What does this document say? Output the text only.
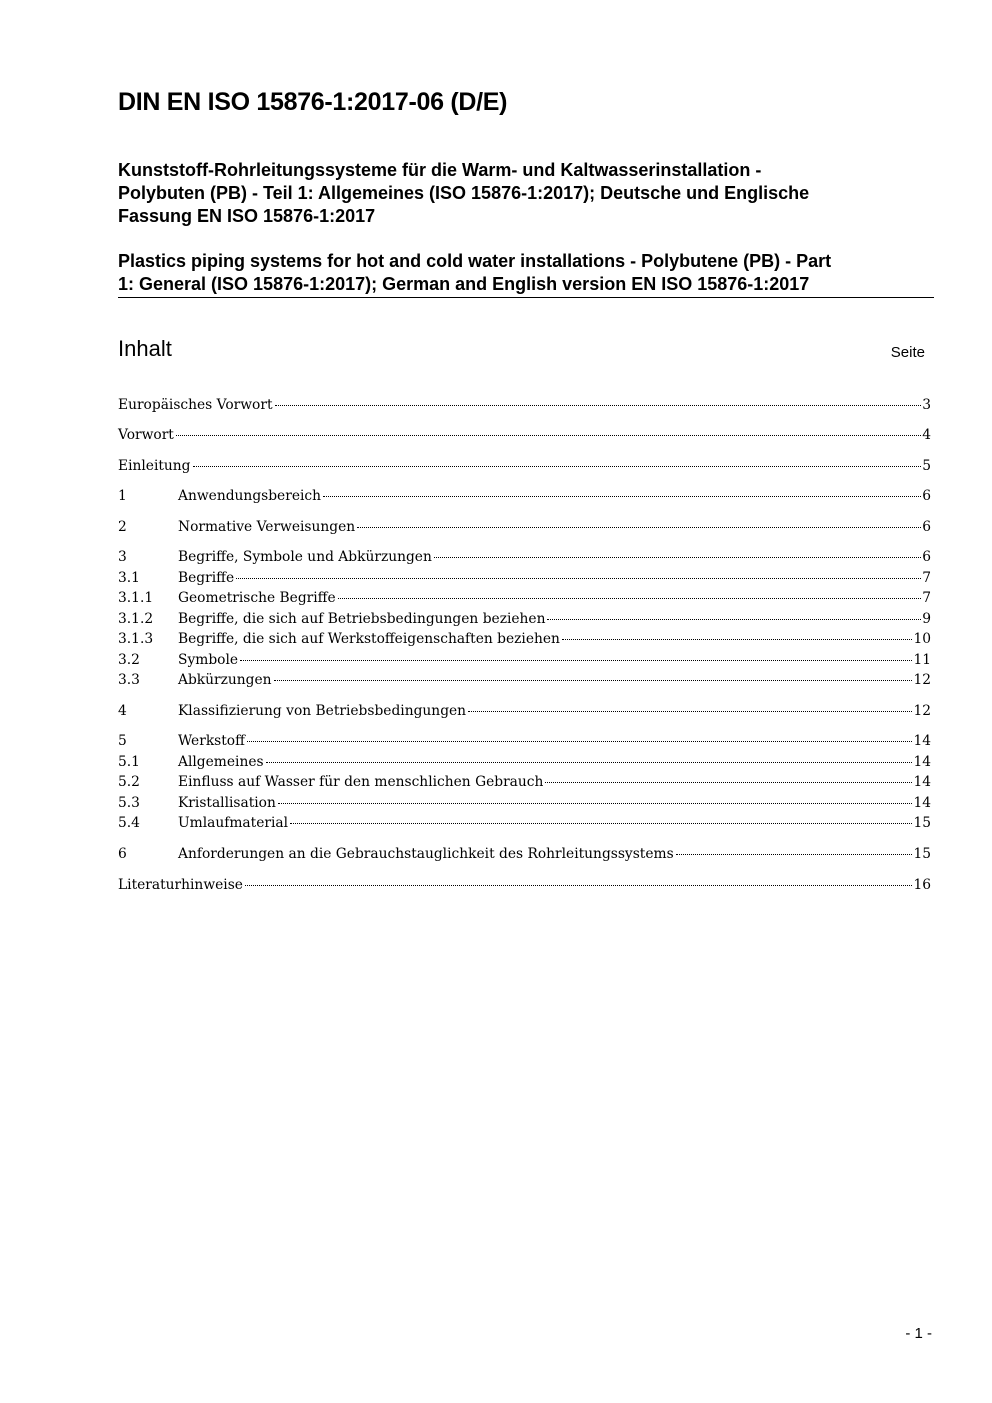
DIN EN ISO 15876-1:2017-06 (D/E)
Kunststoff-Rohrleitungssysteme für die Warm- und Kaltwasserinstallation -
Polybuten (PB) - Teil 1: Allgemeines (ISO 15876-1:2017); Deutsche und Englische
Fassung EN ISO 15876-1:2017
Plastics piping systems for hot and cold water installations - Polybutene (PB) - Part
1: General (ISO 15876-1:2017); German and English version EN ISO 15876-1:2017
Inhalt	Seite
Europäisches Vorwort	3
Vorwort	4
Einleitung	5
1	Anwendungsbereich	6
2	Normative Verweisungen	6
3	Begriffe, Symbole und Abkürzungen	6
3.1	Begriffe	7
3.1.1	Geometrische Begriffe	7
3.1.2	Begriffe, die sich auf Betriebsbedingungen beziehen	9
3.1.3	Begriffe, die sich auf Werkstoffeigenschaften beziehen	10
3.2	Symbole	11
3.3	Abkürzungen	12
4	Klassifizierung von Betriebsbedingungen	12
5	Werkstoff	14
5.1	Allgemeines	14
5.2	Einfluss auf Wasser für den menschlichen Gebrauch	14
5.3	Kristallisation	14
5.4	Umlaufmaterial	15
6	Anforderungen an die Gebrauchstauglichkeit des Rohrleitungssystems	15
Literaturhinweise	16
- 1 -
